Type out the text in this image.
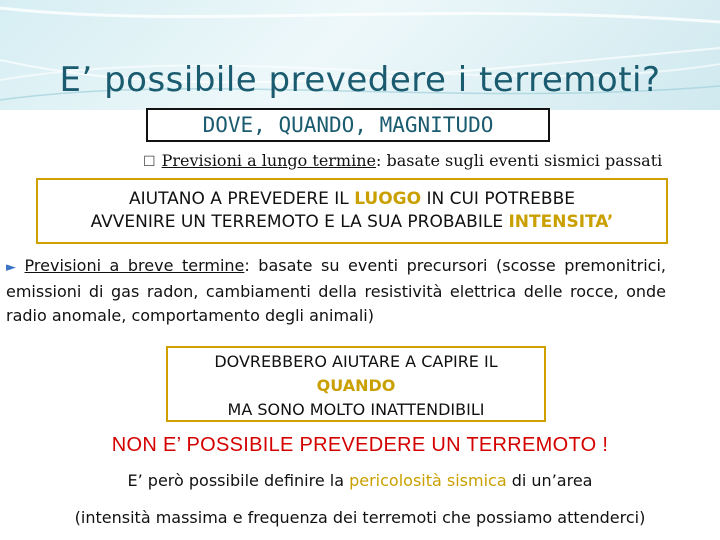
E’ possibile prevedere i terremoti?
DOVE, QUANDO, MAGNITUDO
☐ Previsioni a lungo termine: basate sugli eventi sismici passati
AIUTANO A PREVEDERE IL LUOGO IN CUI POTREBBE
AVVENIRE UN TERREMOTO E LA SUA PROBABILE INTENSITA’
► Previsioni a breve termine: basate su eventi precursori (scosse premonitrici, emissioni di gas radon, cambiamenti della resistività elettrica delle rocce, onde radio anomale, comportamento degli animali)
DOVREBBERO AIUTARE A CAPIRE IL
QUANDO
MA SONO MOLTO INATTENDIBILI
NON E’ POSSIBILE PREVEDERE UN TERREMOTO !
E’ però possibile definire la pericolosità sismica di un’area
(intensità massima e frequenza dei terremoti che possiamo attenderci)
